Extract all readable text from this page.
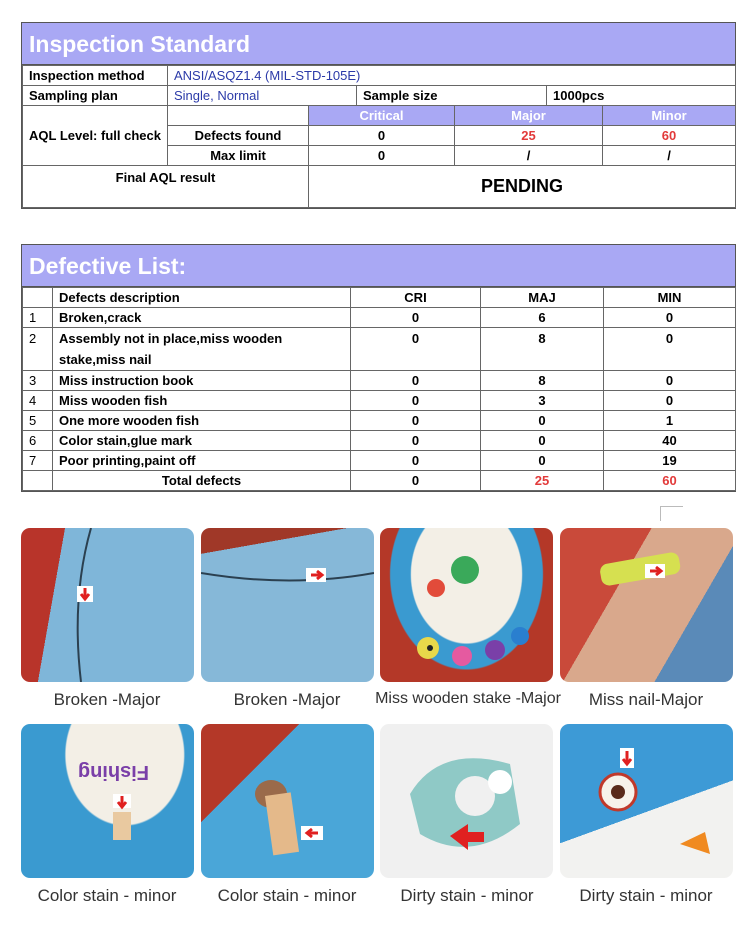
Inspection Standard
Inspection method	ANSI/ASQZ1.4 (MIL-STD-105E)					
Sampling plan	Single, Normal		Sample size		1000pcs	
AQL Level: full check		Critical		Major		Minor
	Defects found	0		25		60
	Max limit	0		/		/
Final AQL result		PENDING				
Defective List:
	Defects description	CRI	MAJ	MIN
1	Broken,crack	0	6	0
2	Assembly not in place,miss wooden stake,miss nail	0	8	0
3	Miss instruction book	0	8	0
4	Miss wooden fish	0	3	0
5	One more wooden fish	0	0	1
6	Color stain,glue mark	0	0	40
7	Poor printing,paint off	0	0	19
	Total defects	0	25	60
Broken -Major	Broken -Major	Miss wooden stake -Major	Miss nail-Major
Fishing
Color stain - minor	Color stain - minor	Dirty stain - minor	Dirty stain - minor
